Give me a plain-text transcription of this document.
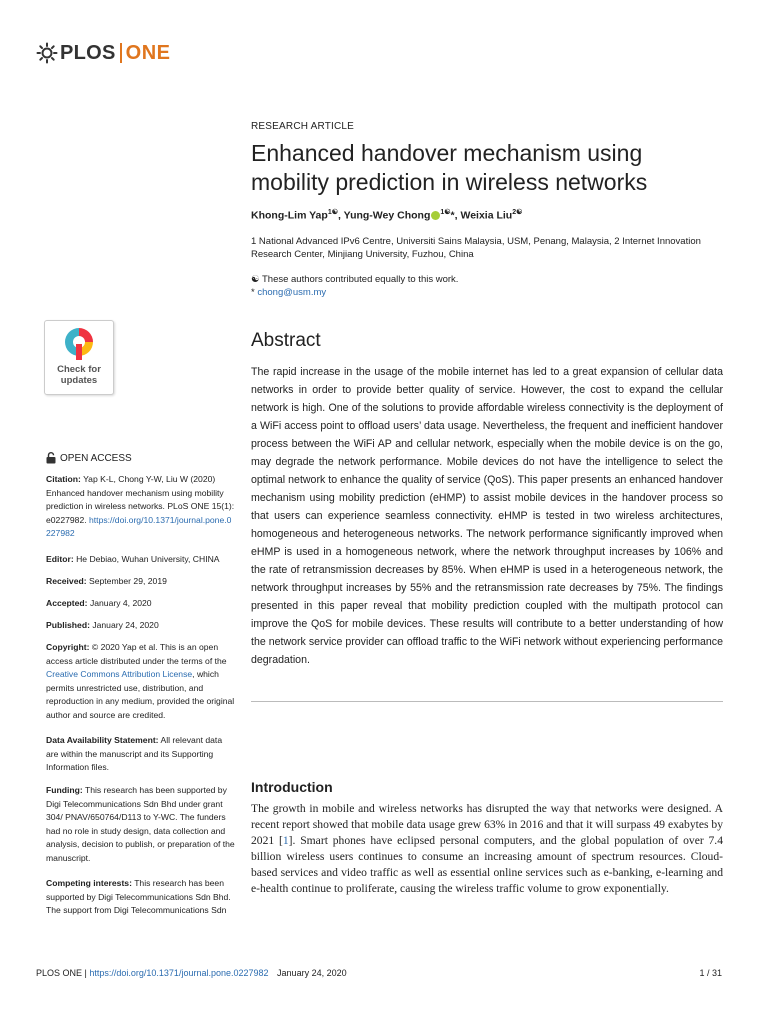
PLOS ONE
RESEARCH ARTICLE
Enhanced handover mechanism using
mobility prediction in wireless networks
Khong-Lim Yap$^{1☯}$, Yung-Wey Chong $^{1☯}$*, Weixia Liu$^{2☯}$
1 National Advanced IPv6 Centre, Universiti Sains Malaysia, USM, Penang, Malaysia, 2 Internet Innovation
Research Center, Minjiang University, Fuzhou, China
☯ These authors contributed equally to this work.
* chong@usm.my
Abstract
The rapid increase in the usage of the mobile internet has led to a great expansion of cellular data networks in order to provide better quality of service. However, the cost to expand the cellular network is high. One of the solutions to provide affordable wireless connectivity is the deployment of a WiFi access point to offload users’ data usage. Nevertheless, the frequent and inefficient handover process between the WiFi AP and cellular network, especially when the mobile device is on the go, may degrade the network performance. Mobile devices do not have the intelligence to select the optimal network to enhance the quality of service (QoS). This paper presents an enhanced handover mechanism using mobility prediction (eHMP) to assist mobile devices in the handover process so that users can experience seamless connectivity. eHMP is tested in two wireless architectures, homogeneous and heterogeneous networks. The network performance significantly improved when eHMP is used in a homogeneous network, where the network throughput increases by 106% and the rate of retransmission decreases by 85%. When eHMP is used in a heterogeneous network, the network throughput increases by 55% and the retransmission rate decreases by 75%. The findings presented in this paper reveal that mobility prediction coupled with the multipath protocol can improve the QoS for mobile devices. These results will contribute to a better understanding of how the network service provider can offload traffic to the WiFi network without experiencing performance degradation.
Introduction
The growth in mobile and wireless networks has disrupted the way that networks were designed. A recent report showed that mobile data usage grew 63% in 2016 and that it will surpass 49 exabytes by 2021 [1]. Smart phones have eclipsed personal computers, and the global population of over 7.4 billion wireless users continues to consume an increasing amount of spectrum resources. Cloud-based services and video traffic as well as essential online services such as e-banking, e-learning and e-health continue to proliferate, causing the wireless traffic volume to grow exponentially.
Check for
updates
OPEN ACCESS
Citation: Yap K-L, Chong Y-W, Liu W (2020) Enhanced handover mechanism using mobility prediction in wireless networks. PLoS ONE 15(1): e0227982. https://doi.org/10.1371/journal.pone.0227982
Editor: He Debiao, Wuhan University, CHINA
Received: September 29, 2019
Accepted: January 4, 2020
Published: January 24, 2020
Copyright: © 2020 Yap et al. This is an open access article distributed under the terms of the Creative Commons Attribution License, which permits unrestricted use, distribution, and reproduction in any medium, provided the original author and source are credited.
Data Availability Statement: All relevant data are within the manuscript and its Supporting Information files.
Funding: This research has been supported by Digi Telecommunications Sdn Bhd under grant 304/ PNAV/650764/D113 to Y-WC. The funders had no role in study design, data collection and analysis, decision to publish, or preparation of the manuscript.
Competing interests: This research has been supported by Digi Telecommunications Sdn Bhd. The support from Digi Telecommunications Sdn
PLOS ONE | https://doi.org/10.1371/journal.pone.0227982 January 24, 2020	1 / 31
